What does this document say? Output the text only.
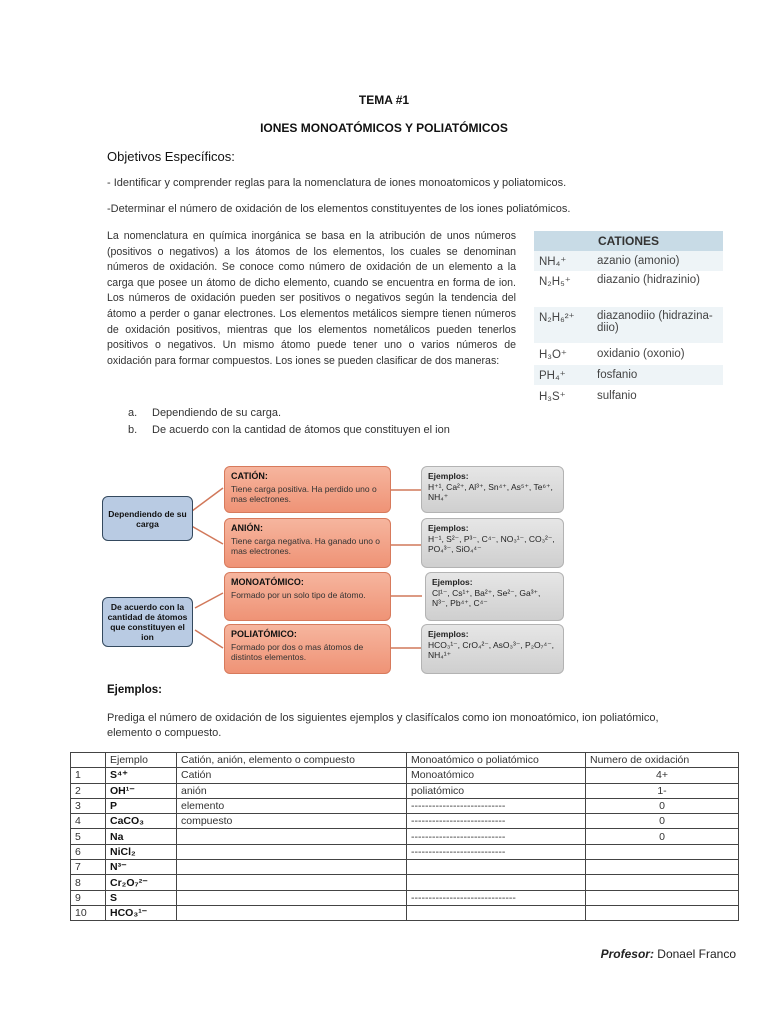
TEMA #1
IONES MONOATÓMICOS Y POLIATÓMICOS
Objetivos Específicos:
- Identificar y comprender reglas para la nomenclatura de iones monoatomicos y poliatomicos.
-Determinar el número de oxidación de los elementos constituyentes de los iones poliatómicos.
La nomenclatura en química inorgánica se basa en la atribución de unos números (positivos o negativos) a los átomos de los elementos, los cuales se denominan números de oxidación. Se conoce como número de oxidación de un elemento a la carga que posee un átomo de dicho elemento, cuando se encuentra en forma de ion. Los números de oxidación pueden ser positivos o negativos según la tendencia del átomo a perder o ganar electrones. Los elementos metálicos siempre tienen números de oxidación positivos, mientras que los elementos nometálicos pueden tenerlos positivos o negativos. Un mismo átomo puede tener uno o varios números de oxidación para formar compuestos. Los iones se pueden clasificar de dos maneras:
a. Dependiendo de su carga.
b. De acuerdo con la cantidad de átomos que constituyen el ion
CATIONES
NH₄⁺	azanio (amonio)
N₂H₅⁺	diazanio (hidrazinio)
N₂H₆²⁺	diazanodiio (hidrazina-diio)
H₃O⁺	oxidanio (oxonio)
PH₄⁺	fosfanio
H₃S⁺	sulfanio
Dependiendo de su carga
De acuerdo con la cantidad de átomos que constituyen el ion
CATIÓN:
Tiene carga positiva. Ha perdido uno o mas electrones.
ANIÓN:
Tiene carga negativa. Ha ganado uno o mas electrones.
MONOATÓMICO:
Formado por un solo tipo de átomo.
POLIATÓMICO:
Formado por dos o mas átomos de distintos elementos.
Ejemplos:
H⁺¹, Ca²⁺, Al³⁺, Sn⁴⁺, As⁵⁺, Te⁶⁺, NH₄⁺
Ejemplos:
H⁻¹, S²⁻, P³⁻, C⁴⁻, NO₃¹⁻, CO₃²⁻, PO₄³⁻, SiO₄⁴⁻
Ejemplos:
Cl¹⁻, Cs¹⁺, Ba²⁺, Se²⁻, Ga³⁺, N³⁻, Pb⁴⁺, C⁴⁻
Ejemplos:
HCO₃¹⁻, CrO₄²⁻, AsO₃³⁻, P₂O₇⁴⁻, NH₄¹⁺
Ejemplos:
Prediga el número de oxidación de los siguientes ejemplos y clasifícalos como ion monoatómico, ion poliatómico, elemento o compuesto.
	Ejemplo	Catión, anión, elemento o compuesto	Monoatómico o poliatómico	Numero de oxidación
1	S⁴⁺	Catión	Monoatómico	4+
2	OH¹⁻	anión	poliatómico	1-
3	P	elemento	---------------------------	0
4	CaCO₃	compuesto	---------------------------	0
5	Na		---------------------------	0
6	NiCl₂		---------------------------	
7	N³⁻			
8	Cr₂O₇²⁻			
9	S		------------------------------	
10	HCO₃¹⁻			
Profesor: Donael Franco
